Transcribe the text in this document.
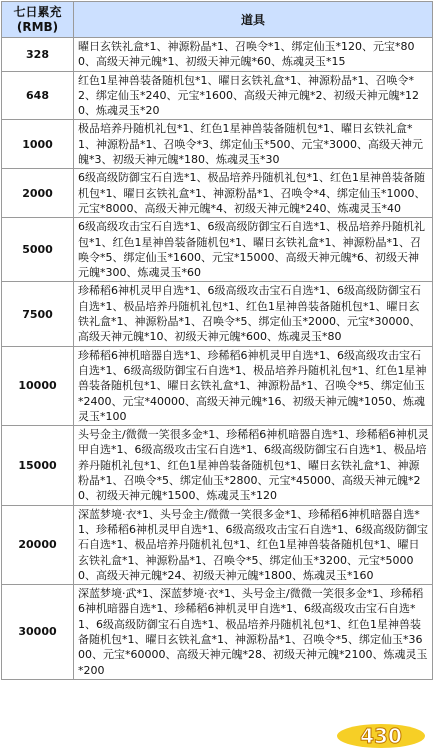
七日累充
(RMB)	道具
328	曜日玄铁礼盒*1、神源粉晶*1、召唤令*1、绑定仙玉*120、元宝*800、高级天神元魄*1、初级天神元魄*60、炼魂灵玉*15
648	红色1星神兽装备随机包*1、曜日玄铁礼盒*1、神源粉晶*1、召唤令*2、绑定仙玉*240、元宝*1600、高级天神元魄*2、初级天神元魄*120、炼魂灵玉*20
1000	极品培养丹随机礼包*1、红色1星神兽装备随机包*1、曜日玄铁礼盒*1、神源粉晶*1、召唤令*3、绑定仙玉*500、元宝*3000、高级天神元魄*3、初级天神元魄*180、炼魂灵玉*30
2000	6级高级防御宝石自选*1、极品培养丹随机礼包*1、红色1星神兽装备随机包*1、曜日玄铁礼盒*1、神源粉晶*1、召唤令*4、绑定仙玉*1000、元宝*8000、高级天神元魄*4、初级天神元魄*240、炼魂灵玉*40
5000	6级高级攻击宝石自选*1、6级高级防御宝石自选*1、极品培养丹随机礼包*1、红色1星神兽装备随机包*1、曜日玄铁礼盒*1、神源粉晶*1、召唤令*5、绑定仙玉*1600、元宝*15000、高级天神元魄*6、初级天神元魄*300、炼魂灵玉*60
7500	珍稀稻6神机灵甲自选*1、6级高级攻击宝石自选*1、6级高级防御宝石自选*1、极品培养丹随机礼包*1、红色1星神兽装备随机包*1、曜日玄铁礼盒*1、神源粉晶*1、召唤令*5、绑定仙玉*2000、元宝*30000、高级天神元魄*10、初级天神元魄*600、炼魂灵玉*80
10000	珍稀稻6神机暗器自选*1、珍稀稻6神机灵甲自选*1、6级高级攻击宝石自选*1、6级高级防御宝石自选*1、极品培养丹随机礼包*1、红色1星神兽装备随机包*1、曜日玄铁礼盒*1、神源粉晶*1、召唤令*5、绑定仙玉*2400、元宝*40000、高级天神元魄*16、初级天神元魄*1050、炼魂灵玉*100
15000	头号金主/微微一笑很多金*1、珍稀稻6神机暗器自选*1、珍稀稻6神机灵甲自选*1、6级高级攻击宝石自选*1、6级高级防御宝石自选*1、极品培养丹随机礼包*1、红色1星神兽装备随机包*1、曜日玄铁礼盒*1、神源粉晶*1、召唤令*5、绑定仙玉*2800、元宝*45000、高级天神元魄*20、初级天神元魄*1500、炼魂灵玉*120
20000	深蓝梦境·衣*1、头号金主/微微一笑很多金*1、珍稀稻6神机暗器自选*1、珍稀稻6神机灵甲自选*1、6级高级攻击宝石自选*1、6级高级防御宝石自选*1、极品培养丹随机礼包*1、红色1星神兽装备随机包*1、曜日玄铁礼盒*1、神源粉晶*1、召唤令*5、绑定仙玉*3200、元宝*50000、高级天神元魄*24、初级天神元魄*1800、炼魂灵玉*160
30000	深蓝梦境·武*1、深蓝梦境·衣*1、头号金主/微微一笑很多金*1、珍稀稻6神机暗器自选*1、珍稀稻6神机灵甲自选*1、6级高级攻击宝石自选*1、6级高级防御宝石自选*1、极品培养丹随机礼包*1、红色1星神兽装备随机包*1、曜日玄铁礼盒*1、神源粉晶*1、召唤令*5、绑定仙玉*3600、元宝*60000、高级天神元魄*28、初级天神元魄*2100、炼魂灵玉*200
430
